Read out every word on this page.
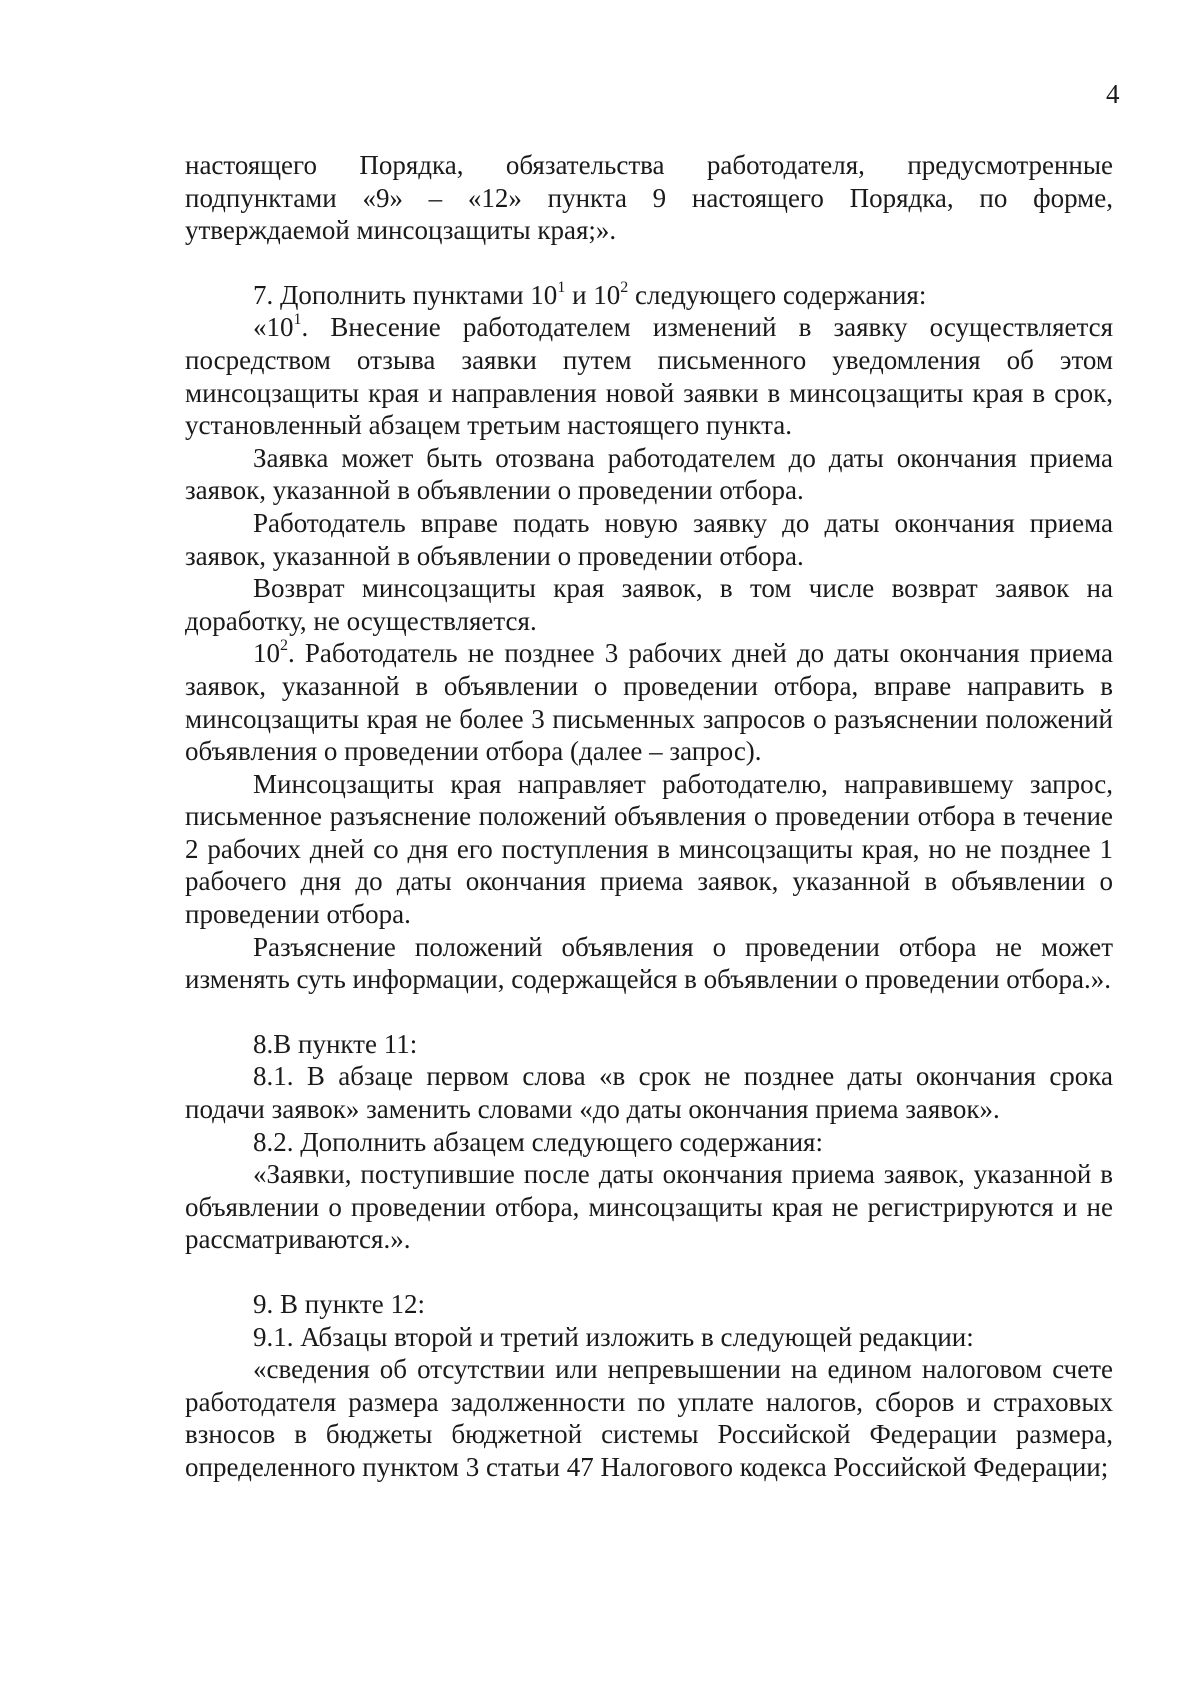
4

настоящего Порядка, обязательства работодателя, предусмотренные подпунктами «9» – «12» пункта 9 настоящего Порядка, по форме, утверждаемой минсоцзащиты края;».

7. Дополнить пунктами $10^1$ и $10^2$ следующего содержания:

«$10^1$. Внесение работодателем изменений в заявку осуществляется посредством отзыва заявки путем письменного уведомления об этом минсоцзащиты края и направления новой заявки в минсоцзащиты края в срок, установленный абзацем третьим настоящего пункта.

Заявка может быть отозвана работодателем до даты окончания приема заявок, указанной в объявлении о проведении отбора.

Работодатель вправе подать новую заявку до даты окончания приема заявок, указанной в объявлении о проведении отбора.

Возврат минсоцзащиты края заявок, в том числе возврат заявок на доработку, не осуществляется.

$10^2$. Работодатель не позднее 3 рабочих дней до даты окончания приема заявок, указанной в объявлении о проведении отбора, вправе направить в минсоцзащиты края не более 3 письменных запросов о разъяснении положений объявления о проведении отбора (далее – запрос).

Минсоцзащиты края направляет работодателю, направившему запрос, письменное разъяснение положений объявления о проведении отбора в течение 2 рабочих дней со дня его поступления в минсоцзащиты края, но не позднее 1 рабочего дня до даты окончания приема заявок, указанной в объявлении о проведении отбора.

Разъяснение положений объявления о проведении отбора не может изменять суть информации, содержащейся в объявлении о проведении отбора.».

8.В пункте 11:

8.1. В абзаце первом слова «в срок не позднее даты окончания срока подачи заявок» заменить словами «до даты окончания приема заявок».

8.2. Дополнить абзацем следующего содержания:

«Заявки, поступившие после даты окончания приема заявок, указанной в объявлении о проведении отбора, минсоцзащиты края не регистрируются и не рассматриваются.».

9. В пункте 12:

9.1. Абзацы второй и третий изложить в следующей редакции:

«сведения об отсутствии или непревышении на едином налоговом счете работодателя размера задолженности по уплате налогов, сборов и страховых взносов в бюджеты бюджетной системы Российской Федерации размера, определенного пунктом 3 статьи 47 Налогового кодекса Российской Федерации;
